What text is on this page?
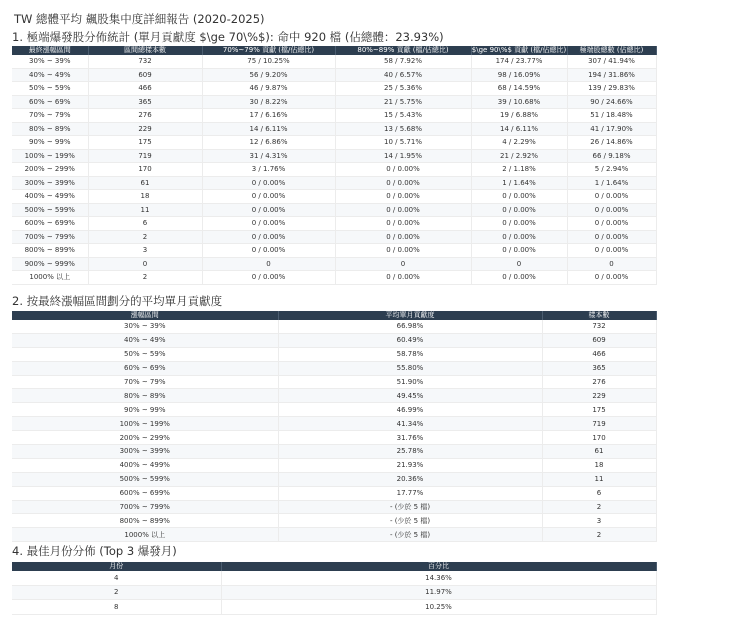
TW 總體平均 飆股集中度詳細報告 (2020-2025)
1. 極端爆發股分佈統計 (單月貢獻度 $\ge 70\%$): 命中 920 檔 (佔總體：23.93%)
最終漲幅區間	區間總樣本數	70%~79% 貢獻 (檔/佔總比)	80%~89% 貢獻 (檔/佔總比)	$\ge 90\%$ 貢獻 (檔/佔總比)	極端股總數 (佔總比)
30% ~ 39%	732	75 / 10.25%	58 / 7.92%	174 / 23.77%	307 / 41.94%
40% ~ 49%	609	56 / 9.20%	40 / 6.57%	98 / 16.09%	194 / 31.86%
50% ~ 59%	466	46 / 9.87%	25 / 5.36%	68 / 14.59%	139 / 29.83%
60% ~ 69%	365	30 / 8.22%	21 / 5.75%	39 / 10.68%	90 / 24.66%
70% ~ 79%	276	17 / 6.16%	15 / 5.43%	19 / 6.88%	51 / 18.48%
80% ~ 89%	229	14 / 6.11%	13 / 5.68%	14 / 6.11%	41 / 17.90%
90% ~ 99%	175	12 / 6.86%	10 / 5.71%	4 / 2.29%	26 / 14.86%
100% ~ 199%	719	31 / 4.31%	14 / 1.95%	21 / 2.92%	66 / 9.18%
200% ~ 299%	170	3 / 1.76%	0 / 0.00%	2 / 1.18%	5 / 2.94%
300% ~ 399%	61	0 / 0.00%	0 / 0.00%	1 / 1.64%	1 / 1.64%
400% ~ 499%	18	0 / 0.00%	0 / 0.00%	0 / 0.00%	0 / 0.00%
500% ~ 599%	11	0 / 0.00%	0 / 0.00%	0 / 0.00%	0 / 0.00%
600% ~ 699%	6	0 / 0.00%	0 / 0.00%	0 / 0.00%	0 / 0.00%
700% ~ 799%	2	0 / 0.00%	0 / 0.00%	0 / 0.00%	0 / 0.00%
800% ~ 899%	3	0 / 0.00%	0 / 0.00%	0 / 0.00%	0 / 0.00%
900% ~ 999%	0	0	0	0	0
1000% 以上	2	0 / 0.00%	0 / 0.00%	0 / 0.00%	0 / 0.00%
2. 按最終漲幅區間劃分的平均單月貢獻度
漲幅區間	平均單月貢獻度	樣本數
30% ~ 39%	66.98%	732
40% ~ 49%	60.49%	609
50% ~ 59%	58.78%	466
60% ~ 69%	55.80%	365
70% ~ 79%	51.90%	276
80% ~ 89%	49.45%	229
90% ~ 99%	46.99%	175
100% ~ 199%	41.34%	719
200% ~ 299%	31.76%	170
300% ~ 399%	25.78%	61
400% ~ 499%	21.93%	18
500% ~ 599%	20.36%	11
600% ~ 699%	17.77%	6
700% ~ 799%	- (少於 5 檔)	2
800% ~ 899%	- (少於 5 檔)	3
1000% 以上	- (少於 5 檔)	2
4. 最佳月份分佈 (Top 3 爆發月)
月份	百分比
4	14.36%
2	11.97%
8	10.25%
